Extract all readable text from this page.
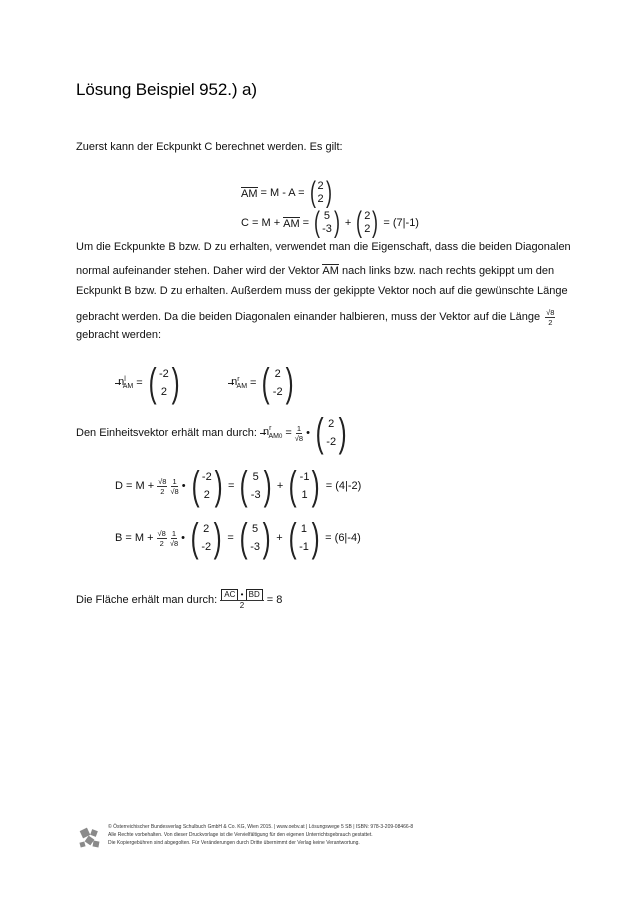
Lösung Beispiel 952.) a)
Zuerst kann der Eckpunkt C berechnet werden. Es gilt:
AM = M - A = ( 2
2 )
C = M + AM = ( 5
-3 ) + ( 2
2 ) = (7|-1)
Um die Eckpunkte B bzw. D zu erhalten, verwendet man die Eigenschaft, dass die beiden Diagonalen
normal aufeinander stehen. Daher wird der Vektor AM nach links bzw. nach rechts gekippt um den
Eckpunkt B bzw. D zu erhalten. Außerdem muss der gekippte Vektor noch auf die gewünschte Länge
gebracht werden. Da die beiden Diagonalen einander halbieren, muss der Vektor auf die Länge $\frac{√8}{2}$
gebracht werden:
$n^l_{AM}$ = ( -2
2 )	$n^r_{AM}$ = ( 2
-2 )
Den Einheitsvektor erhält man durch: $n^r_{AM0} = \frac{1}{√8}$ • ( 2
-2 )
$D = M + \frac{√8}{2} \frac{1}{√8}$ • ( -2
2 ) = ( 5
-3 ) + ( -1
1 ) = (4|-2)
$B = M + \frac{√8}{2} \frac{1}{√8}$ • ( 2
-2 ) = ( 5
-3 ) + ( 1
-1 ) = (6|-4)
Die Fläche erhält man durch: $\frac{AC • BD}{2} = 8$
© Österreichischer Bundesverlag Schulbuch GmbH & Co. KG, Wien 2015. | www.oebv.at | Lösungswege 5 SB | ISBN: 978-3-209-08466-8
Alle Rechte vorbehalten. Von dieser Druckvorlage ist die Vervielfältigung für den eigenen Unterrichtsgebrauch gestattet.
Die Kopiergebühren sind abgegolten. Für Veränderungen durch Dritte übernimmt der Verlag keine Verantwortung.
